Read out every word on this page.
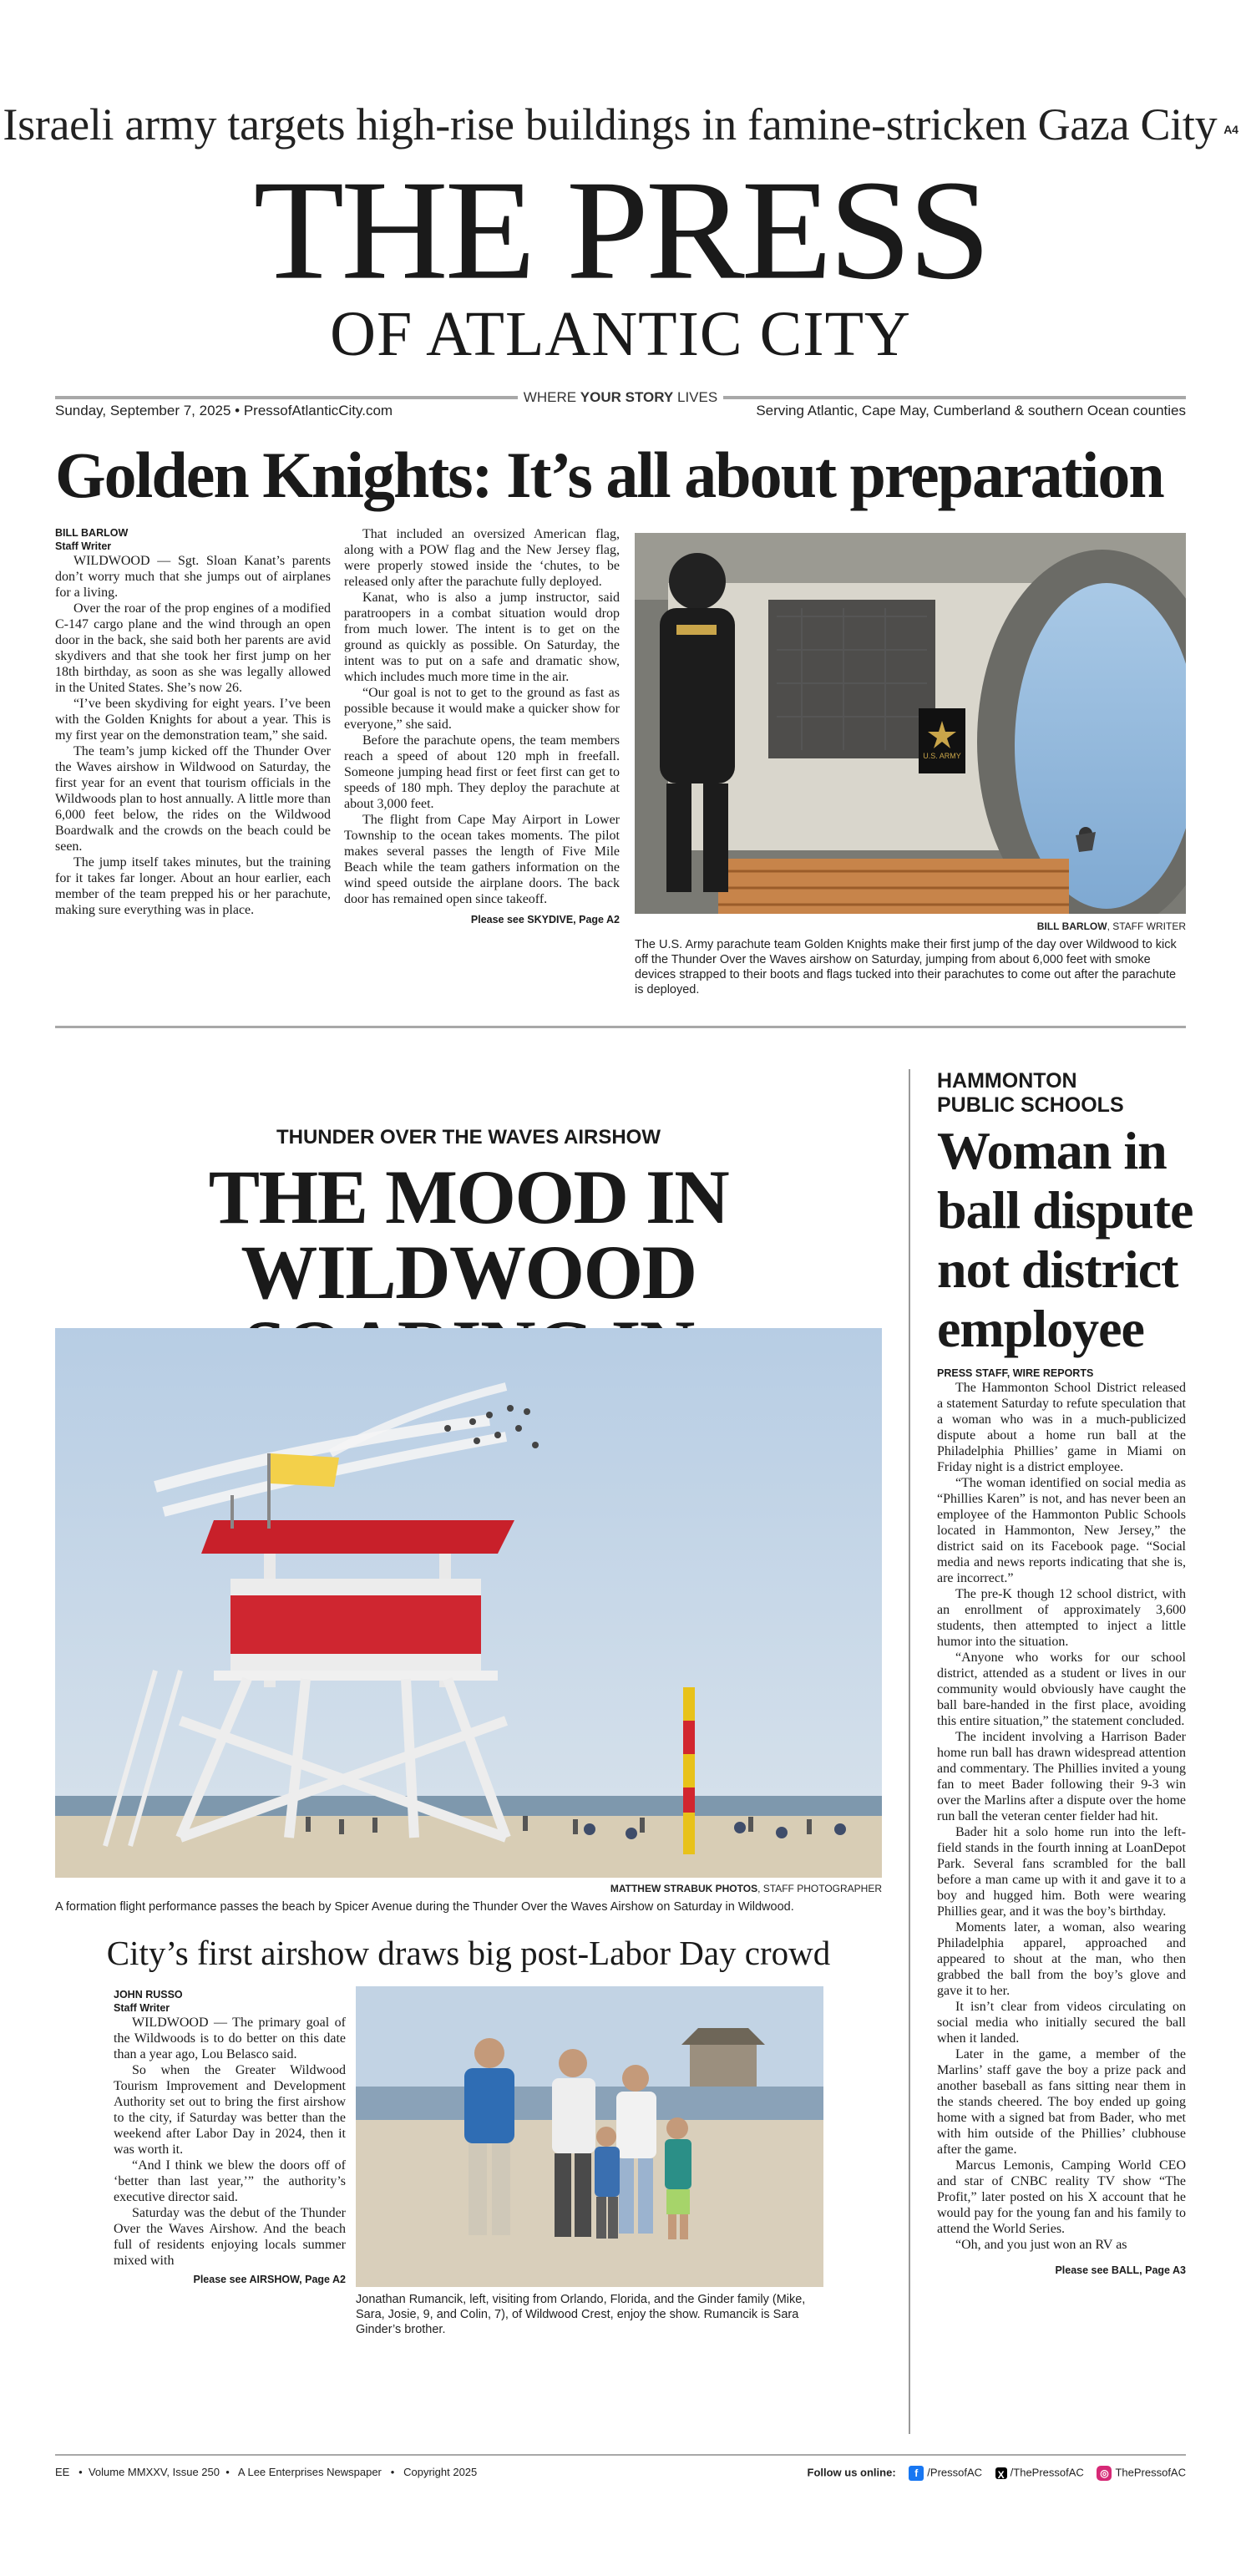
Israeli army targets high-rise buildings in famine-stricken Gaza City A4
THE PRESS
OF ATLANTIC CITY
WHERE YOUR STORY LIVES
Sunday, September 7, 2025 • PressofAtlanticCity.com	Serving Atlantic, Cape May, Cumberland & southern Ocean counties
Golden Knights: It’s all about preparation
BILL BARLOW
Staff Writer

WILDWOOD — Sgt. Sloan Kanat’s parents don’t worry much that she jumps out of airplanes for a living.

Over the roar of the prop engines of a modified C-147 cargo plane and the wind through an open door in the back, she said both her parents are avid skydivers and that she took her first jump on her 18th birthday, as soon as she was legally allowed in the United States. She’s now 26.

“I’ve been skydiving for eight years. I’ve been with the Golden Knights for about a year. This is my first year on the demonstration team,” she said.

The team’s jump kicked off the Thunder Over the Waves airshow in Wildwood on Saturday, the first year for an event that tourism officials in the Wildwoods plan to host annually. A little more than 6,000 feet below, the rides on the Wildwood Boardwalk and the crowds on the beach could be seen.

The jump itself takes minutes, but the training for it takes far longer. About an hour earlier, each member of the team prepped his or her parachute, making sure everything was in place.

That included an oversized American flag, along with a POW flag and the New Jersey flag, were properly stowed inside the ‘chutes, to be released only after the parachute fully deployed.

Kanat, who is also a jump instructor, said paratroopers in a combat situation would drop from much lower. The intent is to get on the ground as quickly as possible. On Saturday, the intent was to put on a safe and dramatic show, which includes much more time in the air.

“Our goal is not to get to the ground as fast as possible because it would make a quicker show for everyone,” she said.

Before the parachute opens, the team members reach a speed of about 120 mph in freefall. Someone jumping head first or feet first can get to speeds of 180 mph. They deploy the parachute at about 3,000 feet.

The flight from Cape May Airport in Lower Township to the ocean takes moments. The pilot makes several passes the length of Five Mile Beach while the team gathers information on the wind speed outside the airplane doors. The back door has remained open since takeoff.

Please see SKYDIVE, Page A2
U.S. ARMY
BILL BARLOW, STAFF WRITER
The U.S. Army parachute team Golden Knights make their first jump of the day over Wildwood to kick off the Thunder Over the Waves airshow on Saturday, jumping from about 6,000 feet with smoke devices strapped to their boots and flags tucked into their parachutes to come out after the parachute is deployed.
THUNDER OVER THE WAVES AIRSHOW
THE MOOD IN WILDWOOD
MATTHEW STRABUK PHOTOS, STAFF PHOTOGRAPHER
A formation flight performance passes the beach by Spicer Avenue during the Thunder Over the Waves Airshow on Saturday in Wildwood.
City’s first airshow draws big post-Labor Day crowd
JOHN RUSSO
Staff Writer

WILDWOOD — The primary goal of the Wildwoods is to do better on this date than a year ago, Lou Belasco said.

So when the Greater Wildwood Tourism Improvement and Development Authority set out to bring the first airshow to the city, if Saturday was better than the weekend after Labor Day in 2024, then it was worth it.

“And I think we blew the doors off of ‘better than last year,’” the authority’s executive director said.

Saturday was the debut of the Thunder Over the Waves Airshow. And the beach full of residents enjoying locals summer mixed with

Please see AIRSHOW, Page A2
Jonathan Rumancik, left, visiting from Orlando, Florida, and the Ginder family (Mike, Sara, Josie, 9, and Colin, 7), of Wildwood Crest, enjoy the show. Rumancik is Sara Ginder’s brother.
HAMMONTON
PUBLIC SCHOOLS
Woman in
ball dispute
not district
employee
PRESS STAFF, WIRE REPORTS

The Hammonton School District released a statement Saturday to refute speculation that a woman who was in a much-publicized dispute about a home run ball at the Philadelphia Phillies’ game in Miami on Friday night is a district employee.

“The woman identified on social media as “Phillies Karen” is not, and has never been an employee of the Hammonton Public Schools located in Hammonton, New Jersey,” the district said on its Facebook page. “Social media and news reports indicating that she is, are incorrect.”

The pre-K though 12 school district, with an enrollment of approximately 3,600 students, then attempted to inject a little humor into the situation.

“Anyone who works for our school district, attended as a student or lives in our community would obviously have caught the ball bare-handed in the first place, avoiding this entire situation,” the statement concluded.

The incident involving a Harrison Bader home run ball has drawn widespread attention and commentary. The Phillies invited a young fan to meet Bader following their 9-3 win over the Marlins after a dispute over the home run ball the veteran center fielder had hit.

Bader hit a solo home run into the left-field stands in the fourth inning at LoanDepot Park. Several fans scrambled for the ball before a man came up with it and gave it to a boy and hugged him. Both were wearing Phillies gear, and it was the boy’s birthday.

Moments later, a woman, also wearing Philadelphia apparel, approached and appeared to shout at the man, who then grabbed the ball from the boy’s glove and gave it to her.

It isn’t clear from videos circulating on social media who initially secured the ball when it landed.

Later in the game, a member of the Marlins’ staff gave the boy a prize pack and another baseball as fans sitting near them in the stands cheered. The boy ended up going home with a signed bat from Bader, who met with him outside of the Phillies’ clubhouse after the game.

Marcus Lemonis, Camping World CEO and star of CNBC reality TV show “The Profit,” later posted on his X account that he would pay for the young fan and his family to attend the World Series.

“Oh, and you just won an RV as

Please see BALL, Page A3
EE   •  Volume MMXXV, Issue 250  •   A Lee Enterprises Newspaper   •   Copyright 2025	Follow us online: f /PressofAC X /ThePressofAC ◎ ThePressofAC
